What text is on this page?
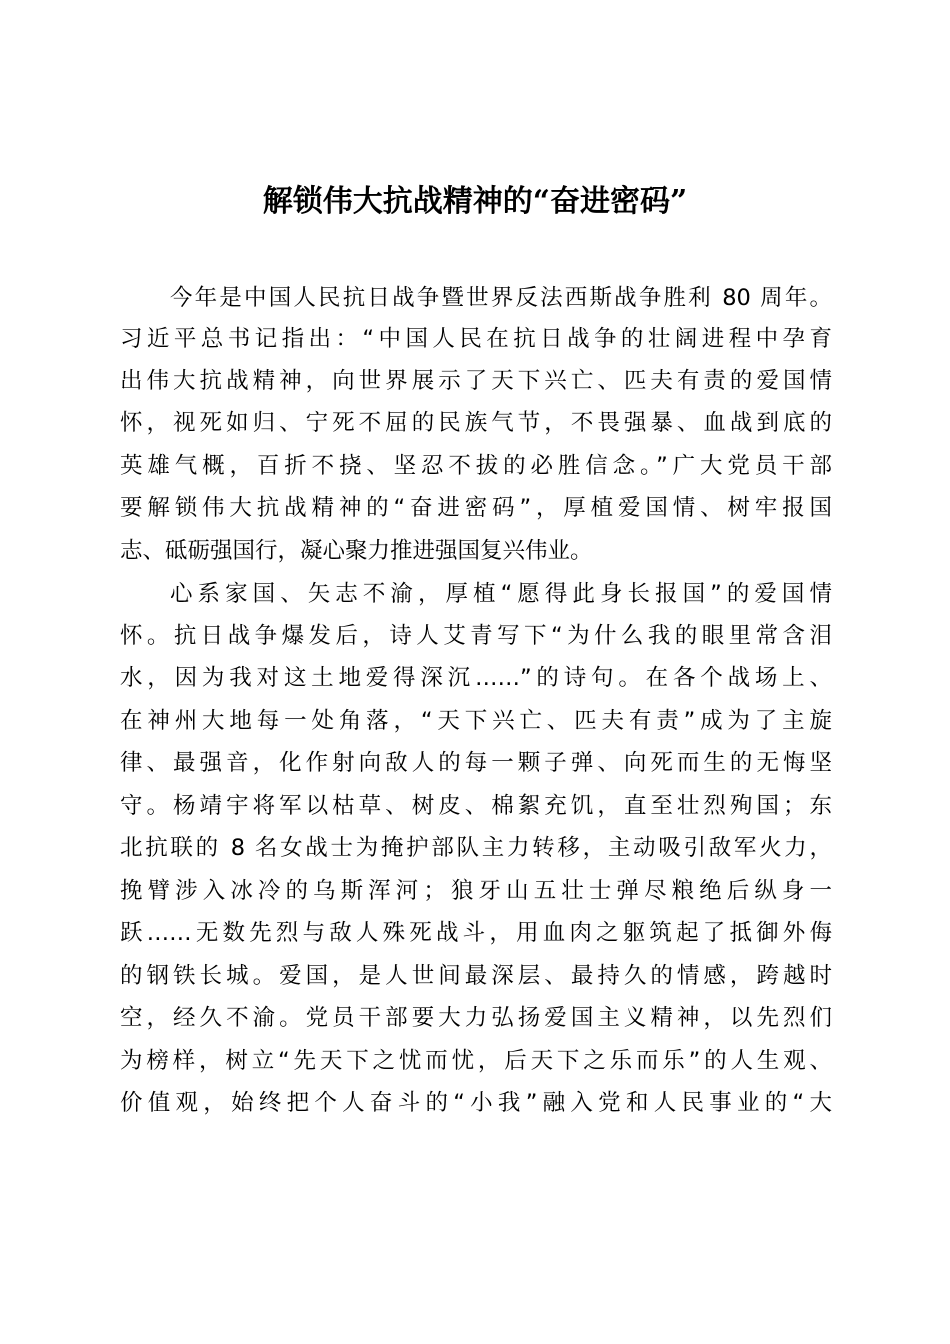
解锁伟大抗战精神的“奋进密码”
今年是中国人民抗日战争暨世界反法西斯战争胜利 80 周年。
习近平总书记指出：“中国人民在抗日战争的壮阔进程中孕育
出伟大抗战精神，向世界展示了天下兴亡、匹夫有责的爱国情
怀，视死如归、宁死不屈的民族气节，不畏强暴、血战到底的
英雄气概，百折不挠、坚忍不拔的必胜信念。”广大党员干部
要解锁伟大抗战精神的“奋进密码”，厚植爱国情、树牢报国
志、砥砺强国行，凝心聚力推进强国复兴伟业。
心系家国、矢志不渝，厚植“愿得此身长报国”的爱国情
怀。抗日战争爆发后，诗人艾青写下“为什么我的眼里常含泪
水，因为我对这土地爱得深沉……”的诗句。在各个战场上、
在神州大地每一处角落，“天下兴亡、匹夫有责”成为了主旋
律、最强音，化作射向敌人的每一颗子弹、向死而生的无悔坚
守。杨靖宇将军以枯草、树皮、棉絮充饥，直至壮烈殉国；东
北抗联的 8 名女战士为掩护部队主力转移，主动吸引敌军火力，
挽臂涉入冰冷的乌斯浑河；狼牙山五壮士弹尽粮绝后纵身一
跃……无数先烈与敌人殊死战斗，用血肉之躯筑起了抵御外侮
的钢铁长城。爱国，是人世间最深层、最持久的情感，跨越时
空，经久不渝。党员干部要大力弘扬爱国主义精神，以先烈们
为榜样，树立“先天下之忧而忧，后天下之乐而乐”的人生观、
价值观，始终把个人奋斗的“小我”融入党和人民事业的“大
